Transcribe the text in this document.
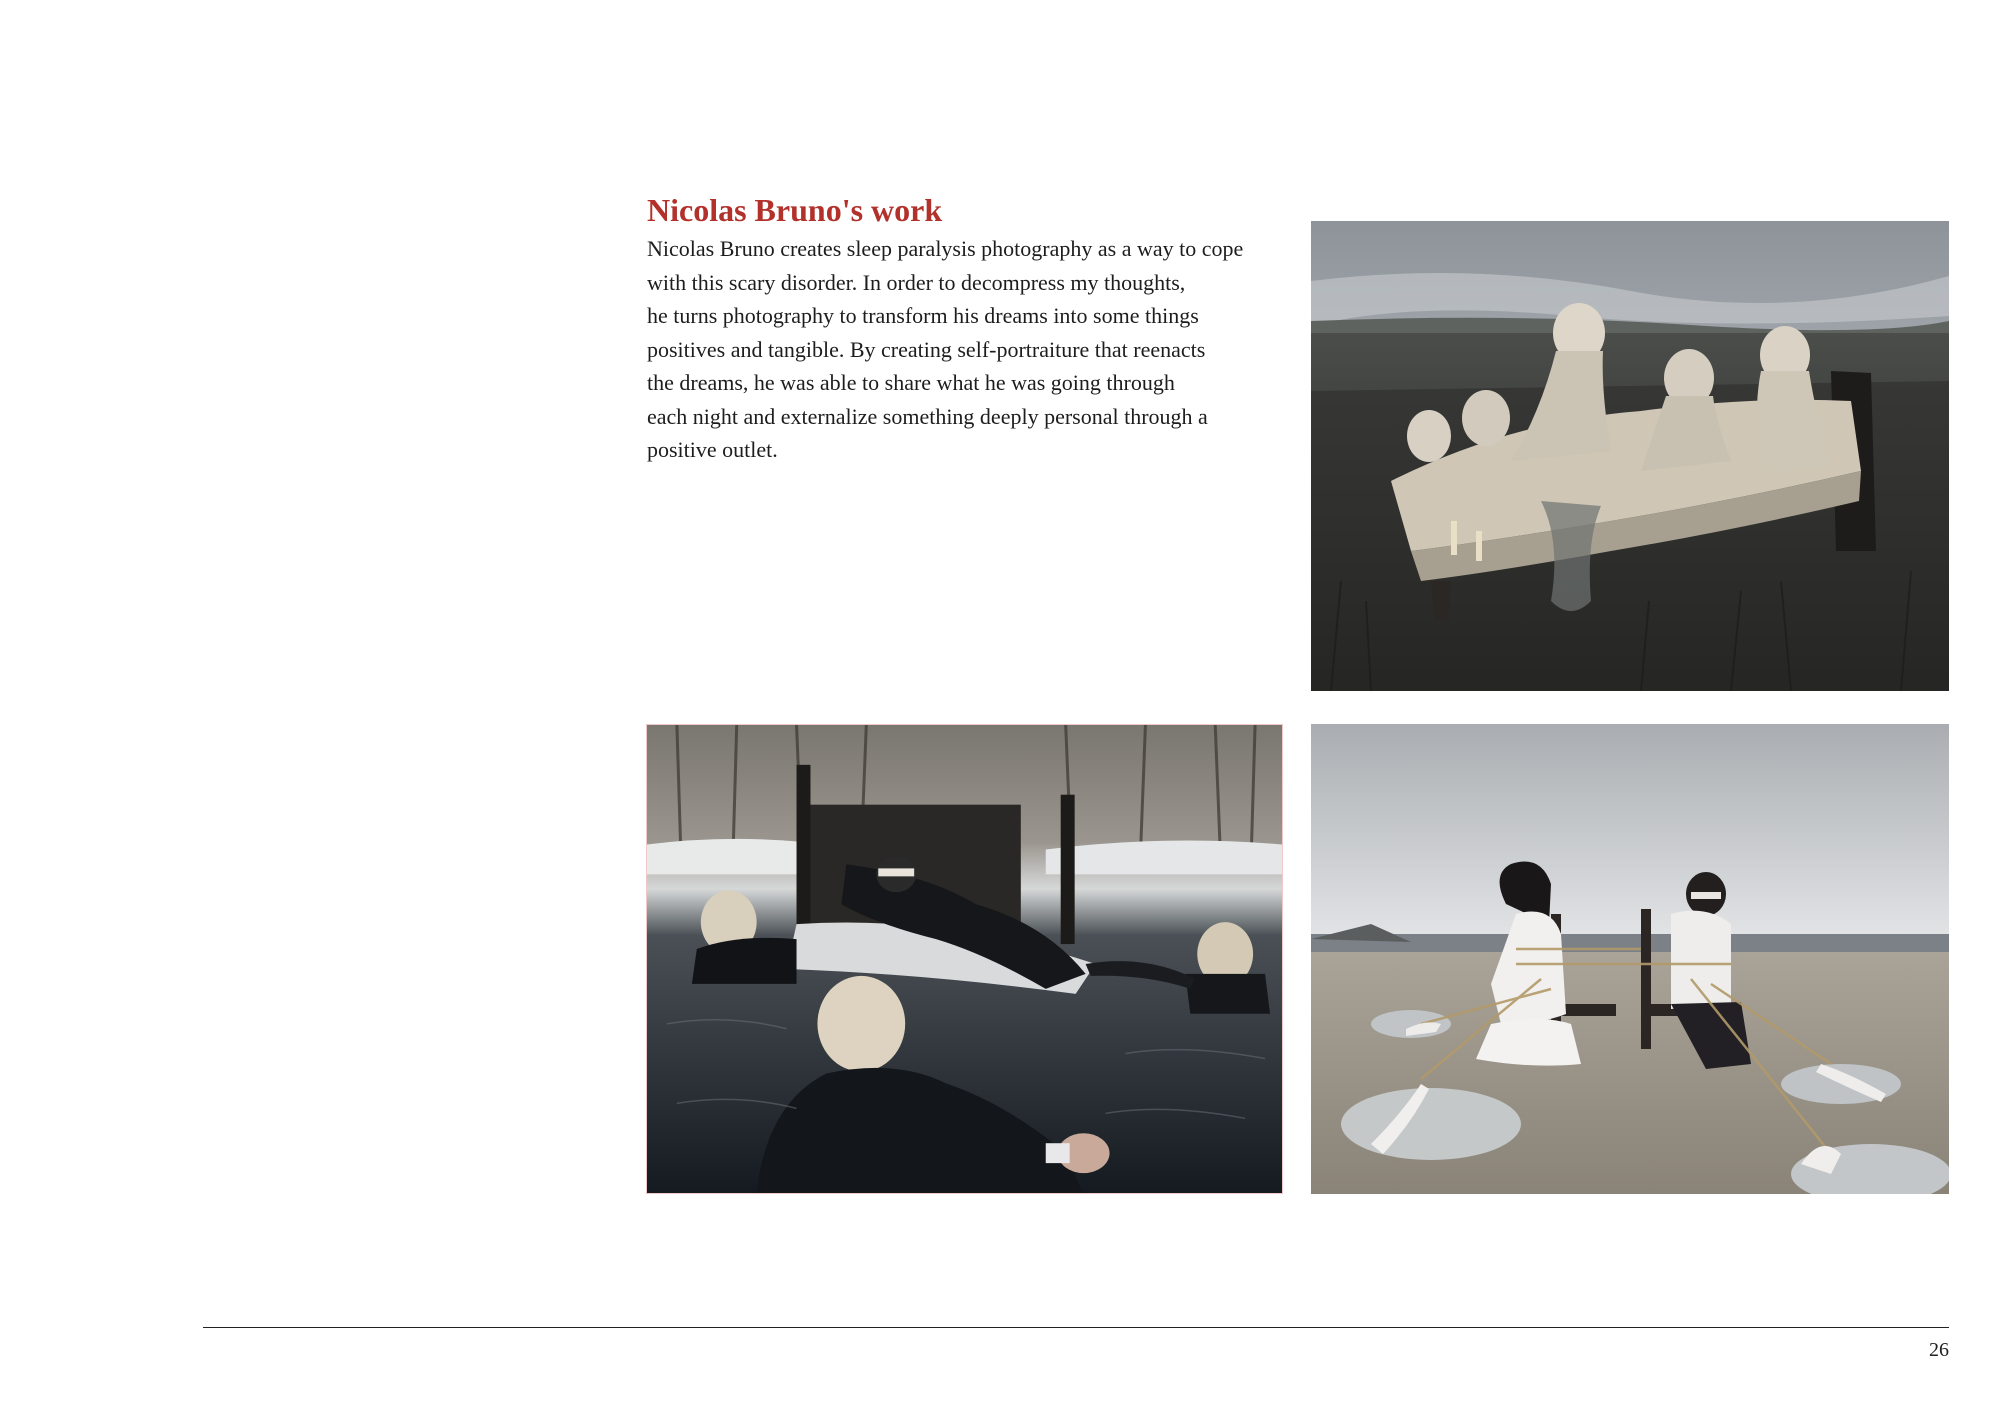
Nicolas Bruno's work

Nicolas Bruno creates sleep paralysis photography as a way to cope
with this scary disorder. In order to decompress my thoughts,
he turns photography to transform his dreams into some things
positives and tangible. By creating self-portraiture that reenacts
the dreams, he was able to share what he was going through
each night and externalize something deeply personal through a
positive outlet.

26
